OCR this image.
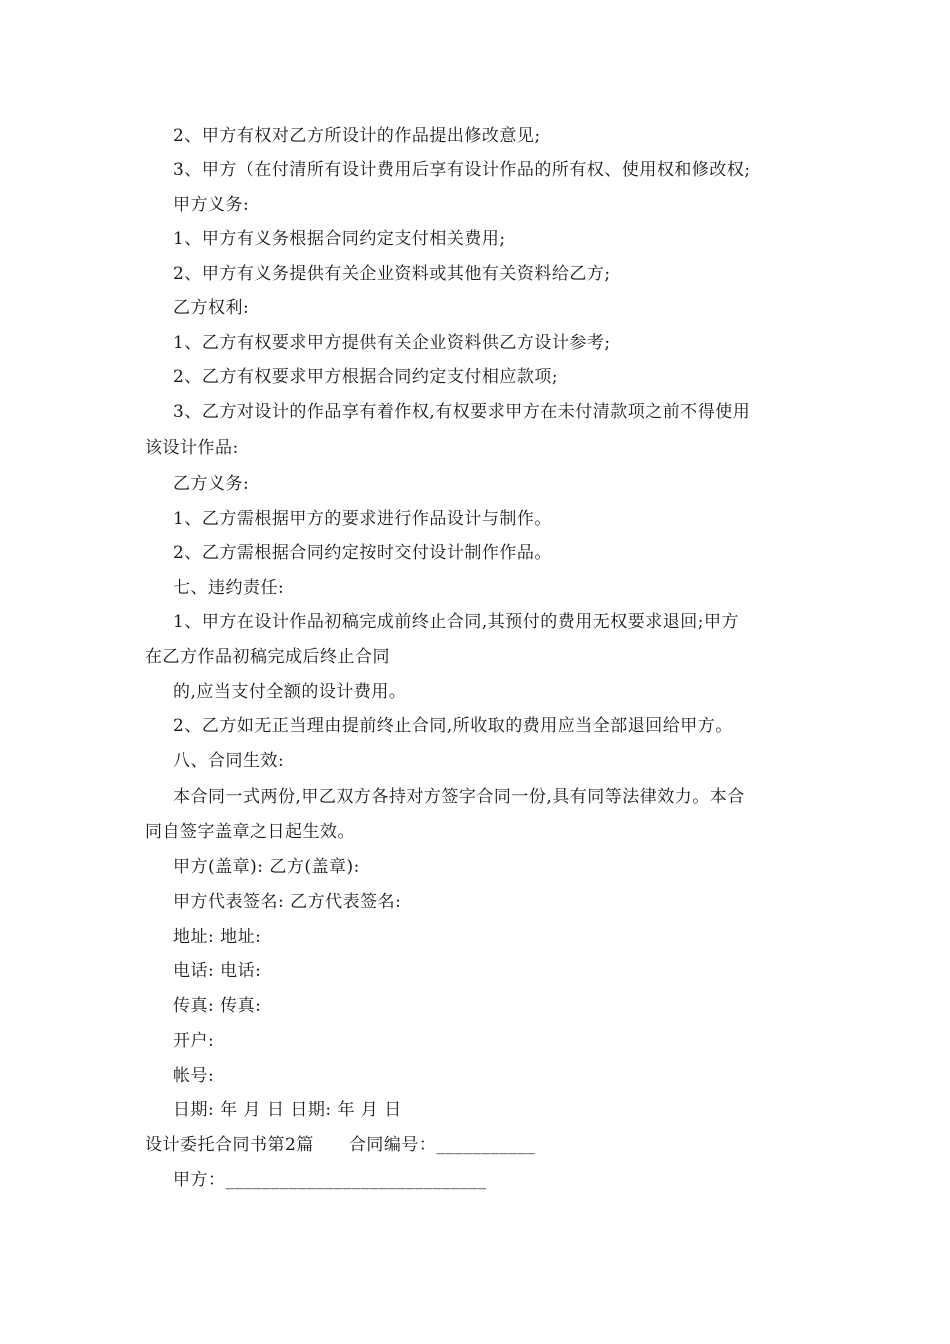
2、甲方有权对乙方所设计的作品提出修改意见;
3、甲方（在付清所有设计费用后享有设计作品的所有权、使用权和修改权;
甲方义务:
1、甲方有义务根据合同约定支付相关费用;
2、甲方有义务提供有关企业资料或其他有关资料给乙方;
乙方权利:
1、乙方有权要求甲方提供有关企业资料供乙方设计参考;
2、乙方有权要求甲方根据合同约定支付相应款项;
3、乙方对设计的作品享有着作权,有权要求甲方在未付清款项之前不得使用
该设计作品:
乙方义务:
1、乙方需根据甲方的要求进行作品设计与制作。
2、乙方需根据合同约定按时交付设计制作作品。
七、违约责任:
1、甲方在设计作品初稿完成前终止合同,其预付的费用无权要求退回;甲方
在乙方作品初稿完成后终止合同
的,应当支付全额的设计费用。
2、乙方如无正当理由提前终止合同,所收取的费用应当全部退回给甲方。
八、合同生效:
本合同一式两份,甲乙双方各持对方签字合同一份,具有同等法律效力。本合
同自签字盖章之日起生效。
甲方(盖章): 乙方(盖章):
甲方代表签名: 乙方代表签名:
地址: 地址:
电话: 电话:
传真: 传真:
开户:
帐号:
日期: 年 月 日 日期: 年 月 日
设计委托合同书第2篇　　合同编号：___________
甲方：_____________________________
